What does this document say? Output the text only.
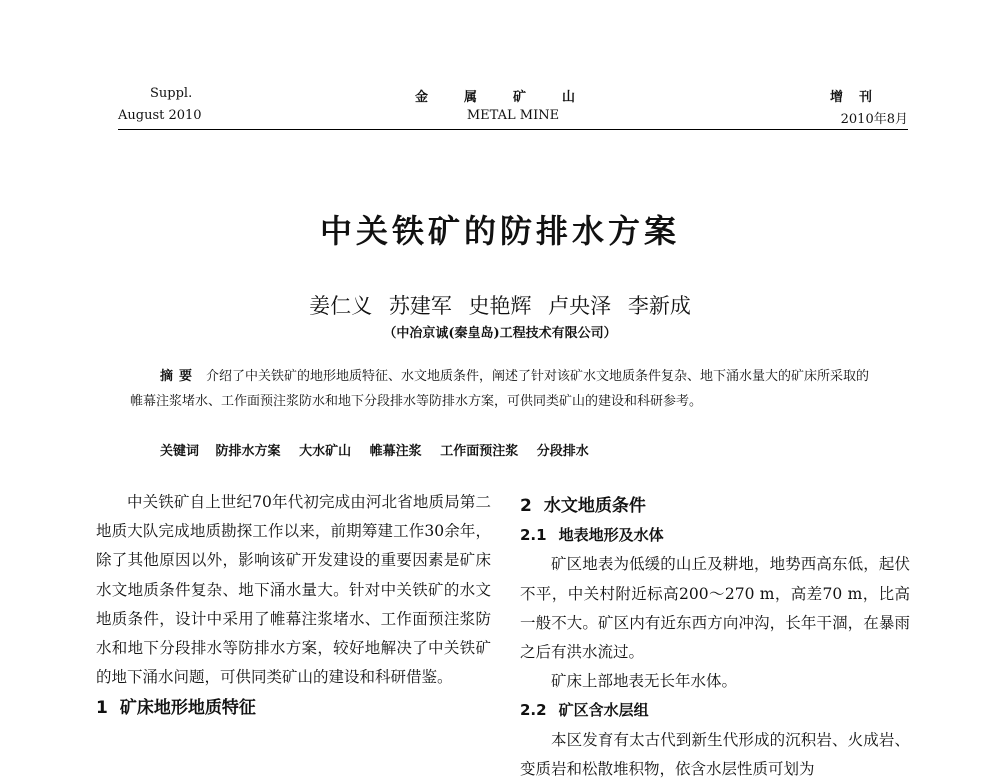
Suppl.
August 2010
金属矿山
METAL MINE
增刊
2010年8月
中关铁矿的防排水方案
姜仁义 苏建军 史艳辉 卢央泽 李新成
（中冶京诚(秦皇岛)工程技术有限公司）
摘要 介绍了中关铁矿的地形地质特征、水文地质条件，阐述了针对该矿水文地质条件复杂、地下涌水量大的矿床所采取的帷幕注浆堵水、工作面预注浆防水和地下分段排水等防排水方案，可供同类矿山的建设和科研参考。
关键词 防排水方案 大水矿山 帷幕注浆 工作面预注浆 分段排水

中关铁矿自上世纪70年代初完成由河北省地质局第二地质大队完成地质勘探工作以来，前期筹建工作30余年，除了其他原因以外，影响该矿开发建设的重要因素是矿床水文地质条件复杂、地下涌水量大。针对中关铁矿的水文地质条件，设计中采用了帷幕注浆堵水、工作面预注浆防水和地下分段排水等防排水方案，较好地解决了中关铁矿的地下涌水问题，可供同类矿山的建设和科研借鉴。

1 矿床地形地质特征
2 水文地质条件
2.1 地表地形及水体

矿区地表为低缓的山丘及耕地，地势西高东低，起伏不平，中关村附近标高200～270 m，高差70 m，比高一般不大。矿区内有近东西方向冲沟，长年干涸，在暴雨之后有洪水流过。

矿床上部地表无长年水体。

2.2 矿区含水层组

本区发育有太古代到新生代形成的沉积岩、火成岩、变质岩和松散堆积物，依含水层性质可划为
